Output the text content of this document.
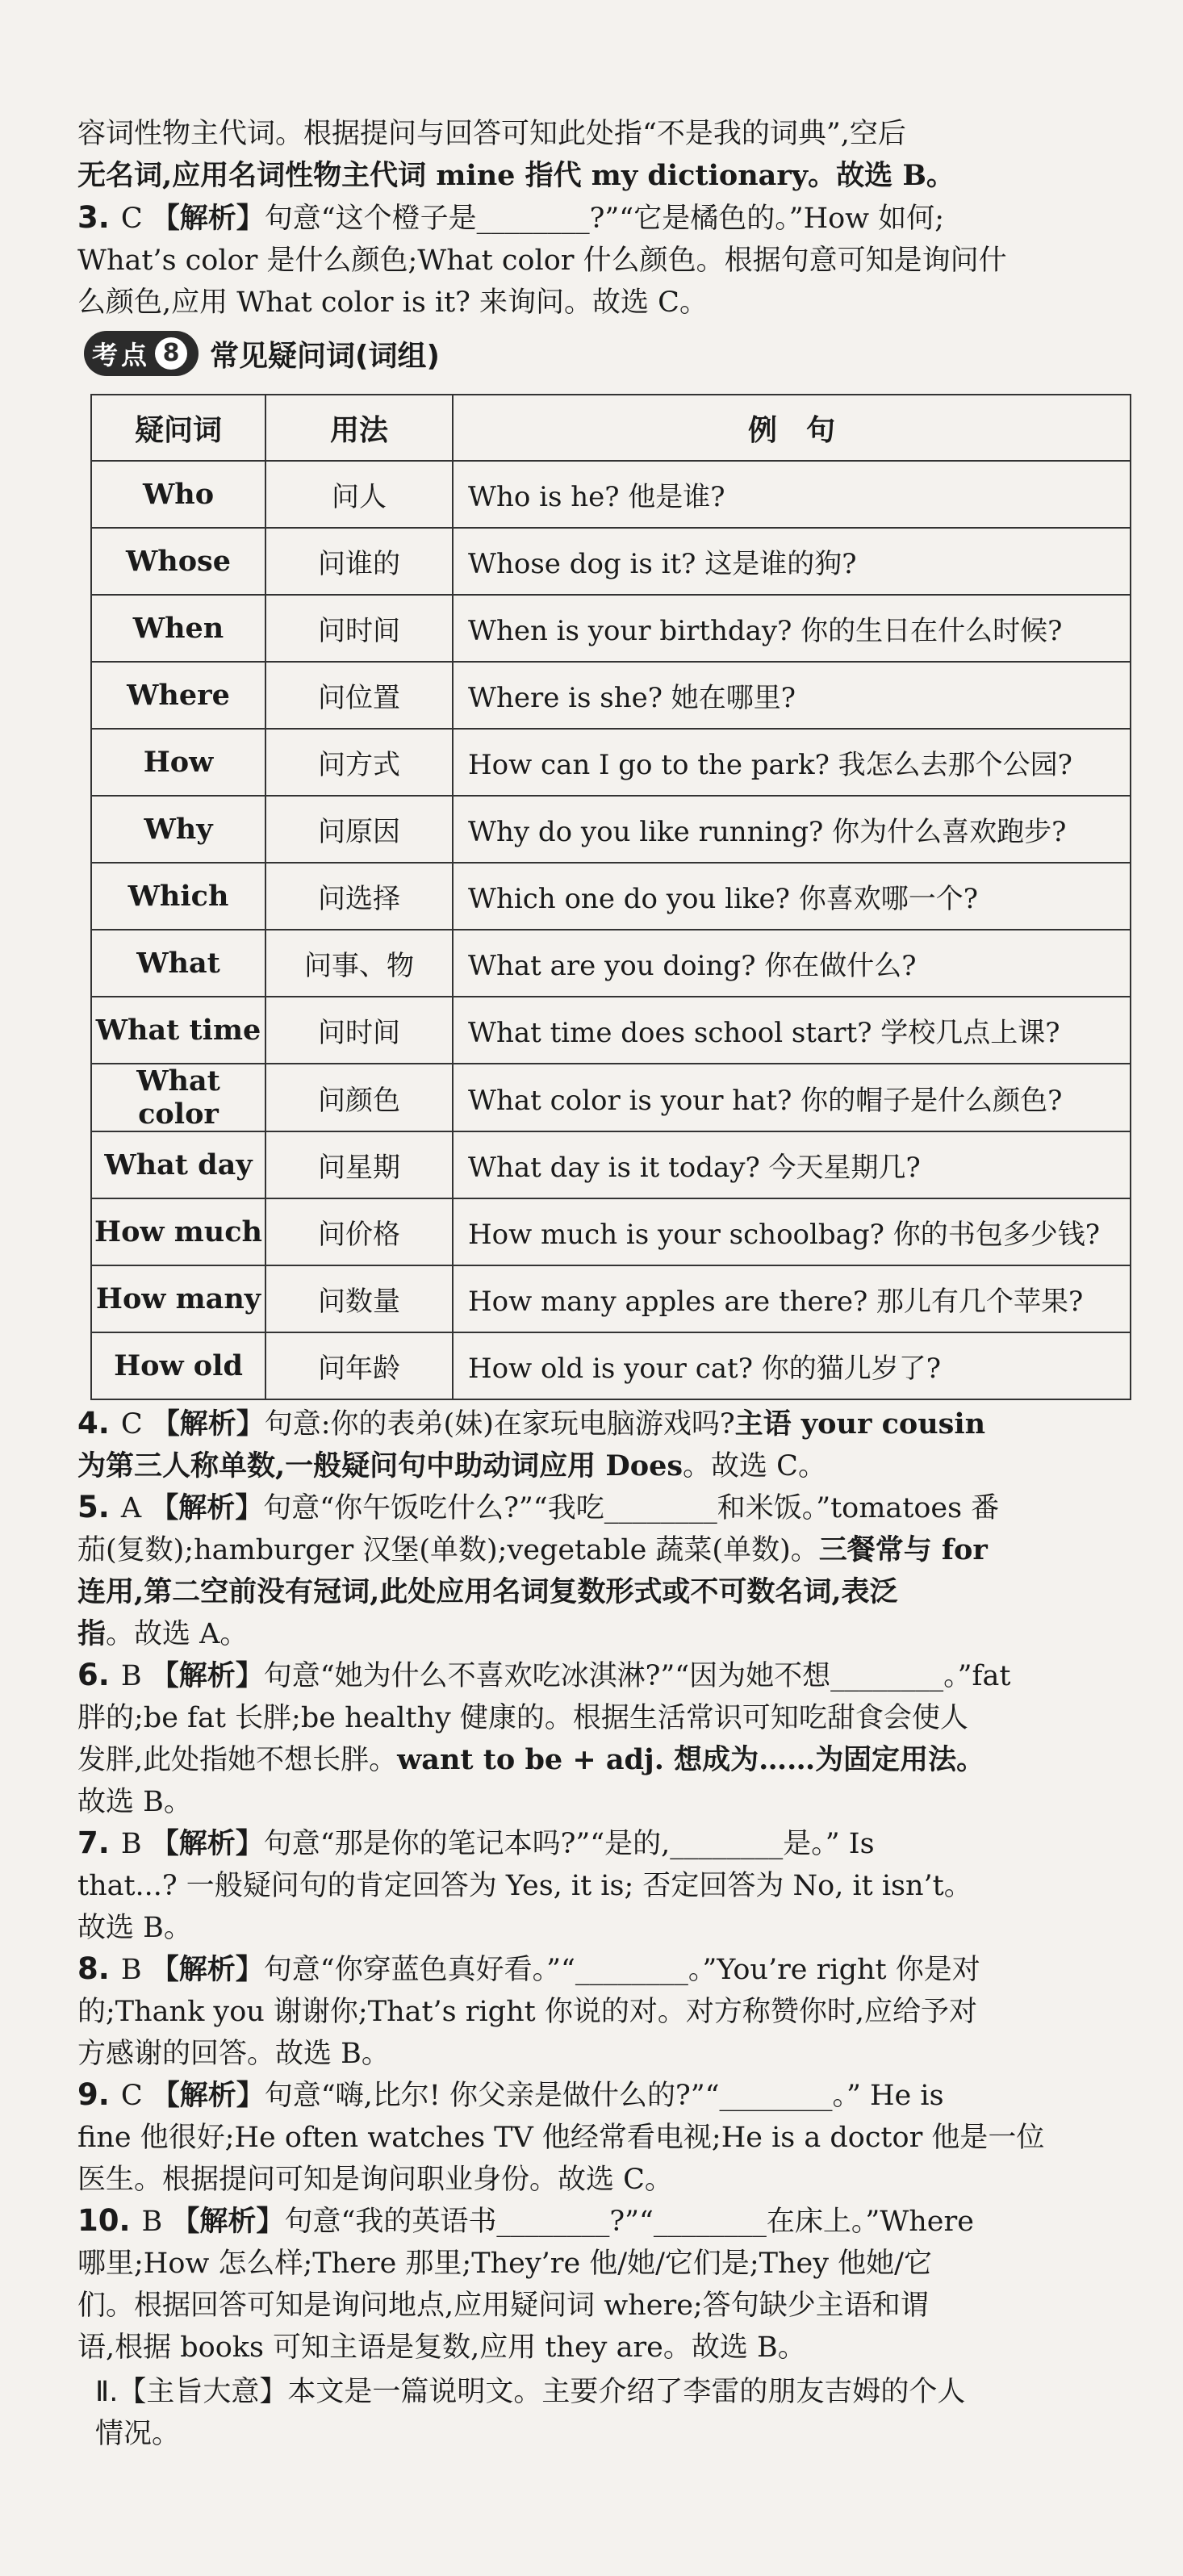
容词性物主代词。根据提问与回答可知此处指“不是我的词典”,空后

无名词,应用名词性物主代词 mine 指代 my dictionary。故选 B。

3. C 【解析】句意“这个橙子是________?”“它是橘色的。”How 如何;

What’s color 是什么颜色;What color 什么颜色。根据句意可知是询问什

么颜色,应用 What color is it? 来询问。故选 C。

考点 8 常见疑问词(词组)
疑问词	用法	例　句
Who	问人	Who is he? 他是谁?
Whose	问谁的	Whose dog is it? 这是谁的狗?
When	问时间	When is your birthday? 你的生日在什么时候?
Where	问位置	Where is she? 她在哪里?
How	问方式	How can I go to the park? 我怎么去那个公园?
Why	问原因	Why do you like running? 你为什么喜欢跑步?
Which	问选择	Which one do you like? 你喜欢哪一个?
What	问事、物	What are you doing? 你在做什么?
What time	问时间	What time does school start? 学校几点上课?
What color	问颜色	What color is your hat? 你的帽子是什么颜色?
What day	问星期	What day is it today? 今天星期几?
How much	问价格	How much is your schoolbag? 你的书包多少钱?
How many	问数量	How many apples are there? 那儿有几个苹果?
How old	问年龄	How old is your cat? 你的猫儿岁了?

4. C 【解析】句意:你的表弟(妹)在家玩电脑游戏吗?主语 your cousin

为第三人称单数,一般疑问句中助动词应用 Does。故选 C。

5. A 【解析】句意“你午饭吃什么?”“我吃________和米饭。”tomatoes 番

茄(复数);hamburger 汉堡(单数);vegetable 蔬菜(单数)。三餐常与 for

连用,第二空前没有冠词,此处应用名词复数形式或不可数名词,表泛

指。故选 A。

6. B 【解析】句意“她为什么不喜欢吃冰淇淋?”“因为她不想________。”fat

胖的;be fat 长胖;be healthy 健康的。根据生活常识可知吃甜食会使人

发胖,此处指她不想长胖。want to be + adj. 想成为……为固定用法。

故选 B。

7. B 【解析】句意“那是你的笔记本吗?”“是的,________是。” Is

that...? 一般疑问句的肯定回答为 Yes, it is; 否定回答为 No, it isn’t。

故选 B。

8. B 【解析】句意“你穿蓝色真好看。”“________。”You’re right 你是对

的;Thank you 谢谢你;That’s right 你说的对。对方称赞你时,应给予对

方感谢的回答。故选 B。

9. C 【解析】句意“嗨,比尔! 你父亲是做什么的?”“________。” He is

fine 他很好;He often watches TV 他经常看电视;He is a doctor 他是一位

医生。根据提问可知是询问职业身份。故选 C。

10. B 【解析】句意“我的英语书________?”“________在床上。”Where

哪里;How 怎么样;There 那里;They’re 他/她/它们是;They 他她/它

们。根据回答可知是询问地点,应用疑问词 where;答句缺少主语和谓

语,根据 books 可知主语是复数,应用 they are。故选 B。

Ⅱ.【主旨大意】本文是一篇说明文。主要介绍了李雷的朋友吉姆的个人

情况。
